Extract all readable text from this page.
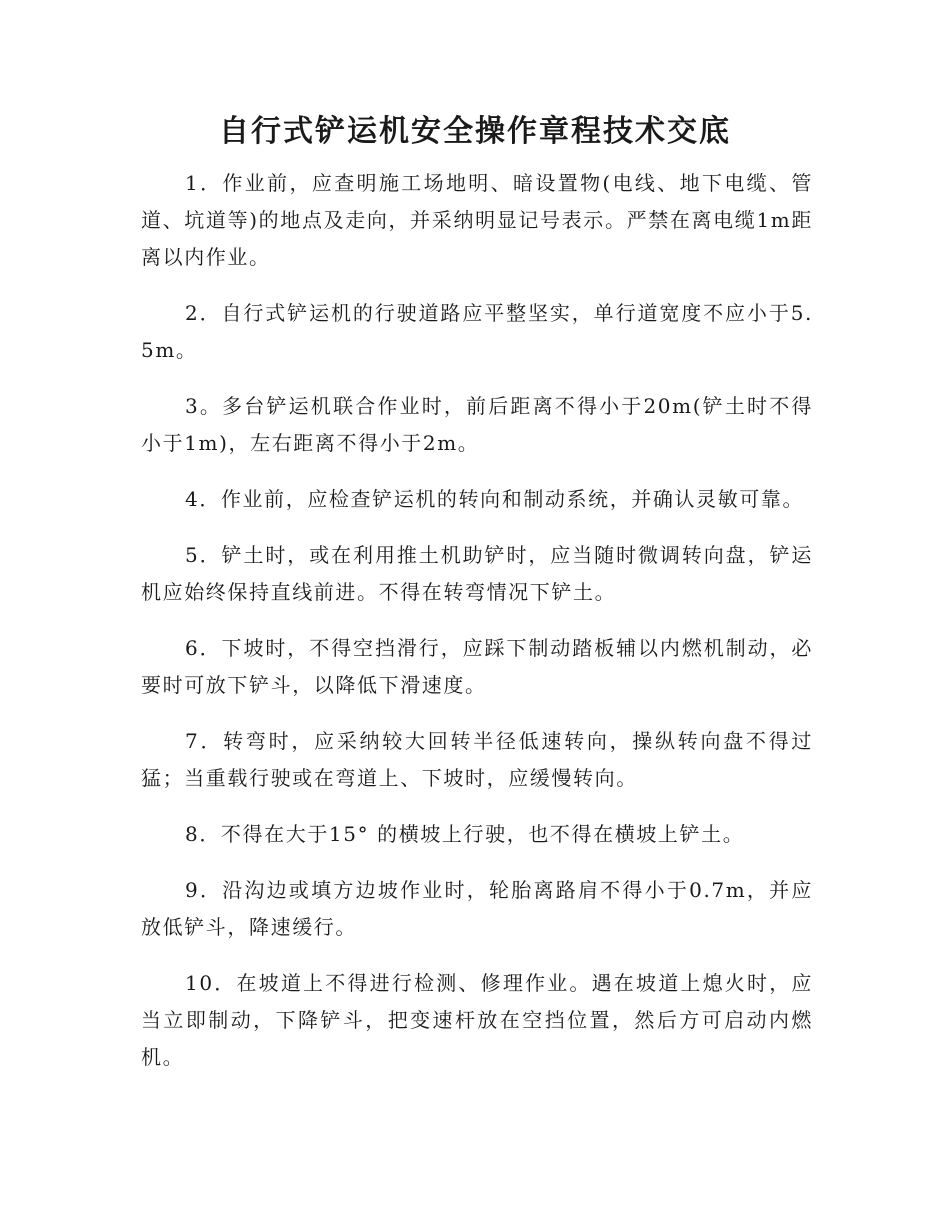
自行式铲运机安全操作章程技术交底

1．作业前，应查明施工场地明、暗设置物(电线、地下电缆、管道、坑道等)的地点及走向，并采纳明显记号表示。严禁在离电缆1m距离以内作业。

2．自行式铲运机的行驶道路应平整坚实，单行道宽度不应小于5.5m。

3。多台铲运机联合作业时，前后距离不得小于20m(铲土时不得小于1m)，左右距离不得小于2m。

4．作业前，应检查铲运机的转向和制动系统，并确认灵敏可靠。

5．铲土时，或在利用推土机助铲时，应当随时微调转向盘，铲运机应始终保持直线前进。不得在转弯情况下铲土。

6．下坡时，不得空挡滑行，应踩下制动踏板辅以内燃机制动，必要时可放下铲斗，以降低下滑速度。

7．转弯时，应采纳较大回转半径低速转向，操纵转向盘不得过猛；当重载行驶或在弯道上、下坡时，应缓慢转向。

8．不得在大于15° 的横坡上行驶，也不得在横坡上铲土。

9．沿沟边或填方边坡作业时，轮胎离路肩不得小于0.7m，并应放低铲斗，降速缓行。

10．在坡道上不得进行检测、修理作业。遇在坡道上熄火时，应当立即制动，下降铲斗，把变速杆放在空挡位置，然后方可启动内燃机。
